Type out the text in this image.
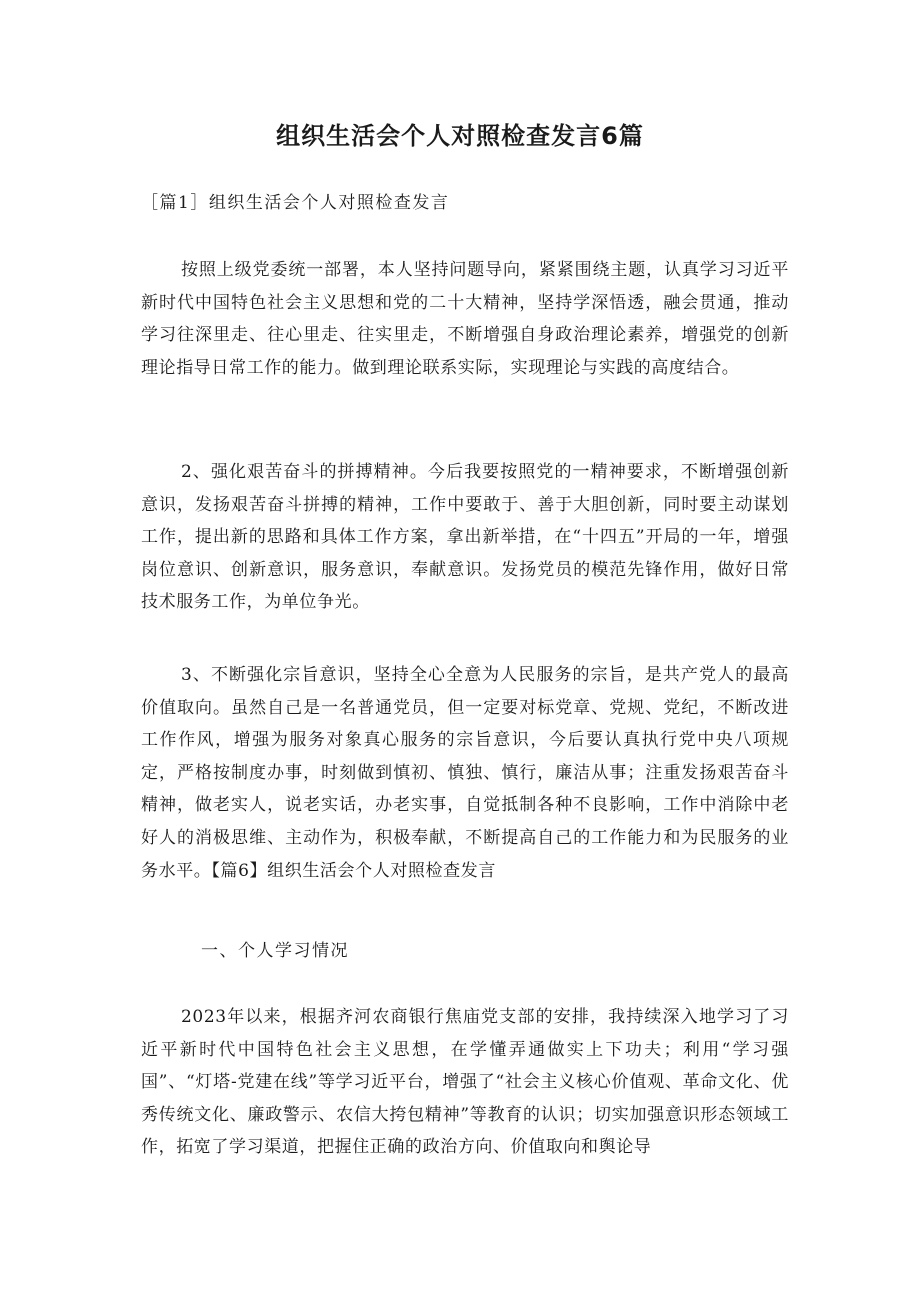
组织生活会个人对照检查发言6篇

［篇1］组织生活会个人对照检查发言

按照上级党委统一部署，本人坚持问题导向，紧紧围绕主题，认真学习习近平新时代中国特色社会主义思想和党的二十大精神，坚持学深悟透，融会贯通，推动学习往深里走、往心里走、往实里走，不断增强自身政治理论素养，增强党的创新理论指导日常工作的能力。做到理论联系实际，实现理论与实践的高度结合。

2、强化艰苦奋斗的拼搏精神。今后我要按照党的一精神要求，不断增强创新意识，发扬艰苦奋斗拼搏的精神，工作中要敢于、善于大胆创新，同时要主动谋划工作，提出新的思路和具体工作方案，拿出新举措，在“十四五”开局的一年，增强岗位意识、创新意识，服务意识，奉献意识。发扬党员的模范先锋作用，做好日常技术服务工作，为单位争光。

3、不断强化宗旨意识，坚持全心全意为人民服务的宗旨，是共产党人的最高价值取向。虽然自己是一名普通党员，但一定要对标党章、党规、党纪，不断改进工作作风，增强为服务对象真心服务的宗旨意识，今后要认真执行党中央八项规定，严格按制度办事，时刻做到慎初、慎独、慎行，廉洁从事；注重发扬艰苦奋斗精神，做老实人，说老实话，办老实事，自觉抵制各种不良影响，工作中消除中老好人的消极思维、主动作为，积极奉献，不断提高自己的工作能力和为民服务的业务水平。【篇6】组织生活会个人对照检查发言

一、个人学习情况

2023年以来，根据齐河农商银行焦庙党支部的安排，我持续深入地学习了习近平新时代中国特色社会主义思想，在学懂弄通做实上下功夫；利用“学习强国”、“灯塔-党建在线”等学习近平台，增强了“社会主义核心价值观、革命文化、优秀传统文化、廉政警示、农信大挎包精神”等教育的认识；切实加强意识形态领域工作，拓宽了学习渠道，把握住正确的政治方向、价值取向和舆论导
